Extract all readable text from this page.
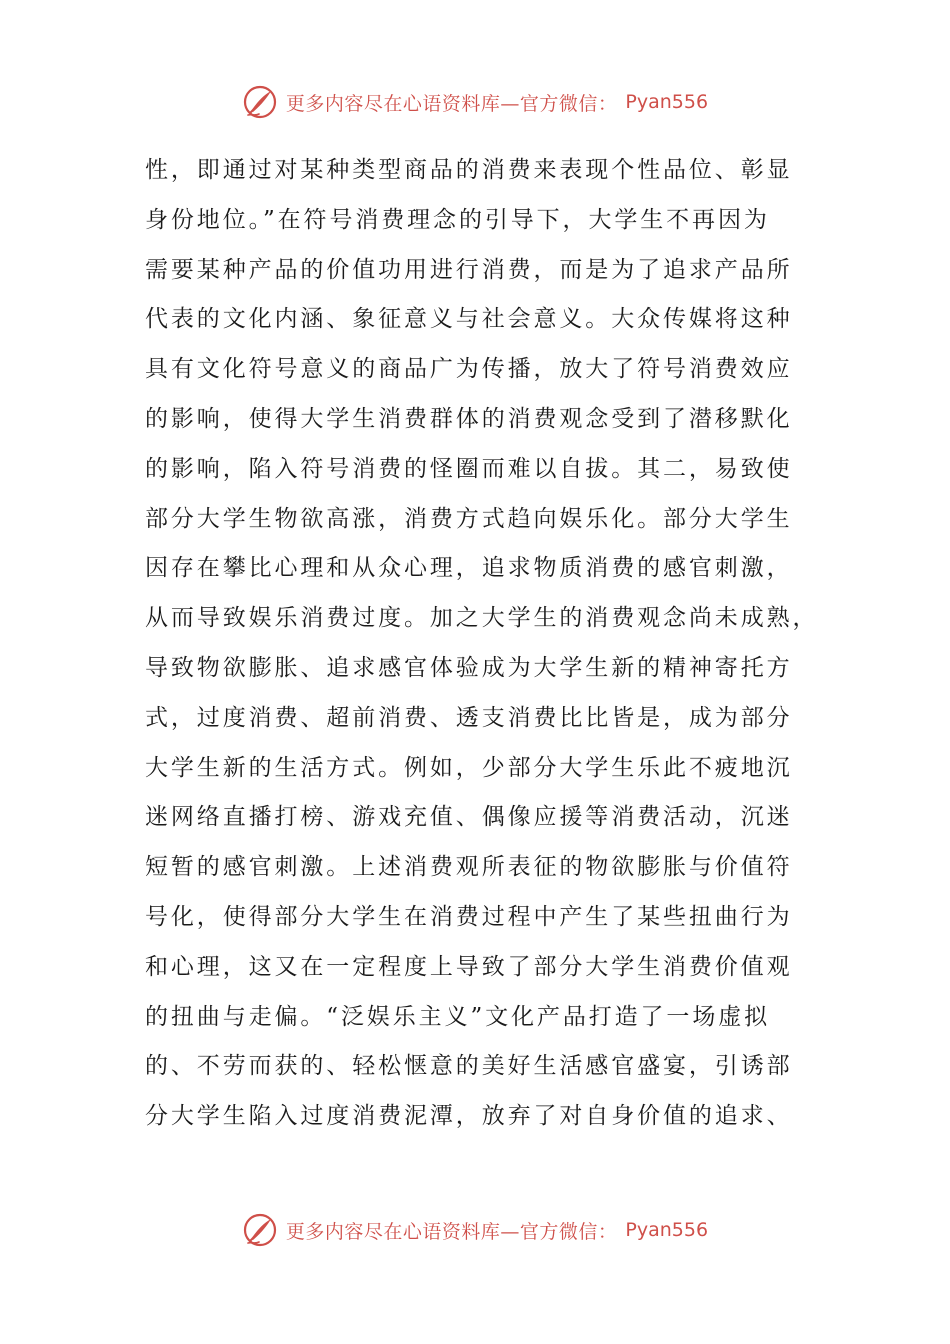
更多内容尽在心语资料库—官方微信： Pyan556
性，即通过对某种类型商品的消费来表现个性品位、彰显
身份地位。”在符号消费理念的引导下，大学生不再因为
需要某种产品的价值功用进行消费，而是为了追求产品所
代表的文化内涵、象征意义与社会意义。大众传媒将这种
具有文化符号意义的商品广为传播，放大了符号消费效应
的影响，使得大学生消费群体的消费观念受到了潜移默化
的影响，陷入符号消费的怪圈而难以自拔。其二，易致使
部分大学生物欲高涨，消费方式趋向娱乐化。部分大学生
因存在攀比心理和从众心理，追求物质消费的感官刺激，
从而导致娱乐消费过度。加之大学生的消费观念尚未成熟，
导致物欲膨胀、追求感官体验成为大学生新的精神寄托方
式，过度消费、超前消费、透支消费比比皆是，成为部分
大学生新的生活方式。例如，少部分大学生乐此不疲地沉
迷网络直播打榜、游戏充值、偶像应援等消费活动，沉迷
短暂的感官刺激。上述消费观所表征的物欲膨胀与价值符
号化，使得部分大学生在消费过程中产生了某些扭曲行为
和心理，这又在一定程度上导致了部分大学生消费价值观
的扭曲与走偏。“泛娱乐主义”文化产品打造了一场虚拟
的、不劳而获的、轻松惬意的美好生活感官盛宴，引诱部
分大学生陷入过度消费泥潭，放弃了对自身价值的追求、
更多内容尽在心语资料库—官方微信： Pyan556
